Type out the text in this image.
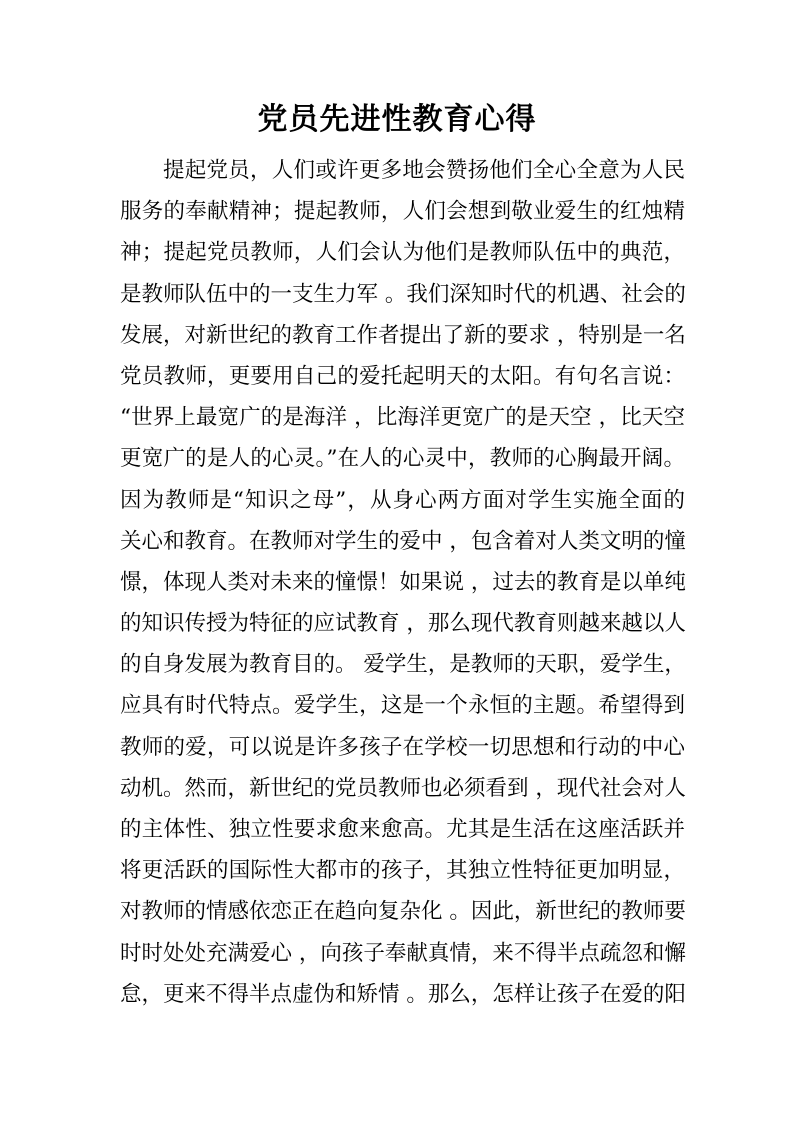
党员先进性教育心得
提起党员，人们或许更多地会赞扬他们全心全意为人民
服务的奉献精神；提起教师，人们会想到敬业爱生的红烛精
神；提起党员教师，人们会认为他们是教师队伍中的典范，
是教师队伍中的一支生力军 。我们深知时代的机遇、社会的
发展，对新世纪的教育工作者提出了新的要求 ，特别是一名
党员教师，更要用自己的爱托起明天的太阳。有句名言说：
“世界上最宽广的是海洋 ，比海洋更宽广的是天空 ，比天空
更宽广的是人的心灵。”在人的心灵中，教师的心胸最开阔。
因为教师是“知识之母”，从身心两方面对学生实施全面的
关心和教育。在教师对学生的爱中 ，包含着对人类文明的憧
憬，体现人类对未来的憧憬！如果说 ，过去的教育是以单纯
的知识传授为特征的应试教育 ，那么现代教育则越来越以人
的自身发展为教育目的。 爱学生，是教师的天职，爱学生，
应具有时代特点。爱学生，这是一个永恒的主题。希望得到
教师的爱，可以说是许多孩子在学校一切思想和行动的中心
动机。然而，新世纪的党员教师也必须看到 ，现代社会对人
的主体性、独立性要求愈来愈高。尤其是生活在这座活跃并
将更活跃的国际性大都市的孩子，其独立性特征更加明显，
对教师的情感依恋正在趋向复杂化 。因此，新世纪的教师要
时时处处充满爱心 ，向孩子奉献真情，来不得半点疏忽和懈
怠，更来不得半点虚伪和矫情 。那么，怎样让孩子在爱的阳
